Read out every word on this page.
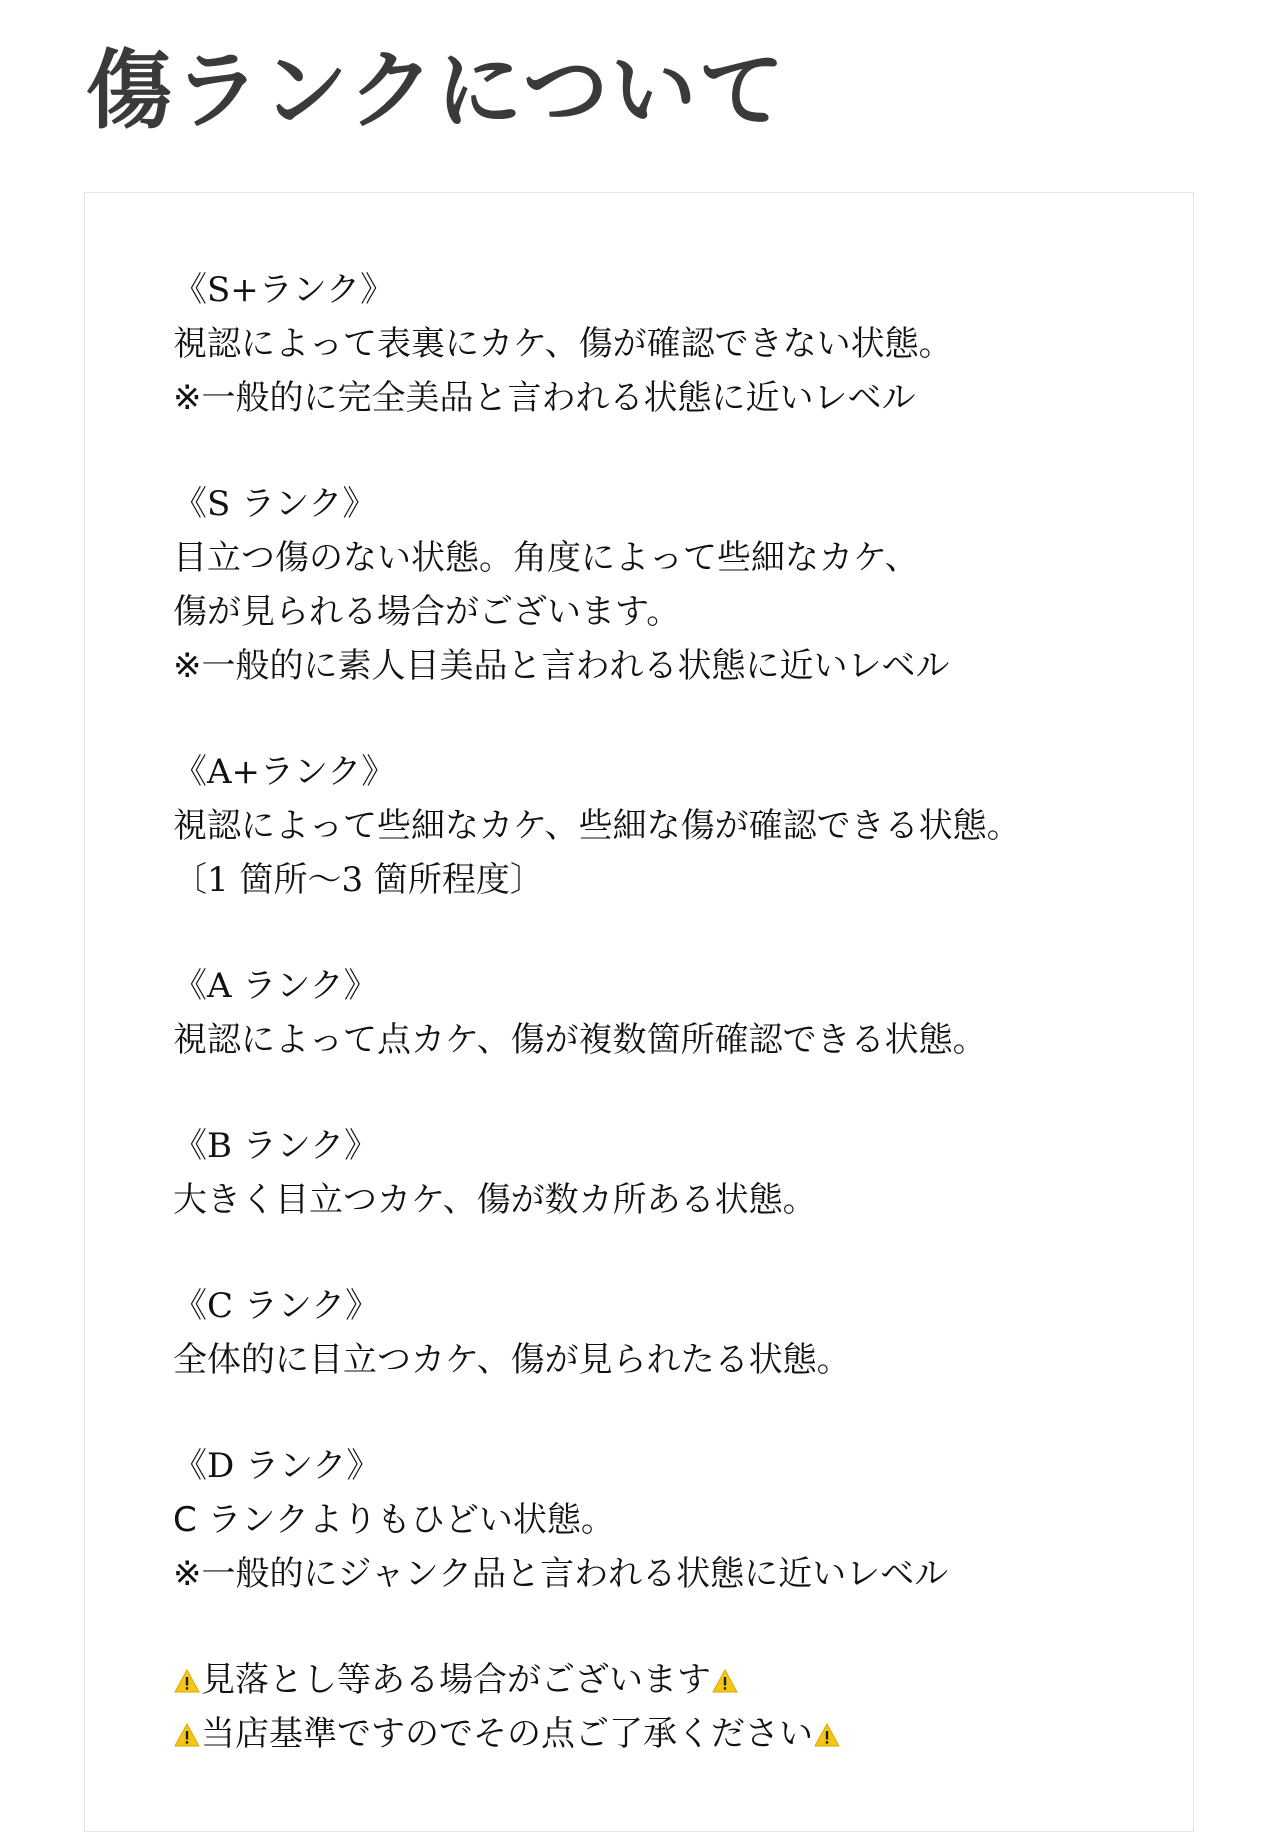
傷ランクについて

《S+ランク》

視認によって表裏にカケ、傷が確認できない状態。

※一般的に完全美品と言われる状態に近いレベル

《S ランク》

目立つ傷のない状態。角度によって些細なカケ、

傷が見られる場合がございます。

※一般的に素人目美品と言われる状態に近いレベル

《A+ランク》

視認によって些細なカケ、些細な傷が確認できる状態。

〔1 箇所～3 箇所程度〕

《A ランク》

視認によって点カケ、傷が複数箇所確認できる状態。

《B ランク》

大きく目立つカケ、傷が数カ所ある状態。

《C ランク》

全体的に目立つカケ、傷が見られたる状態。

《D ランク》

C ランクよりもひどい状態。

※一般的にジャンク品と言われる状態に近いレベル

見落とし等ある場合がございます

当店基準ですのでその点ご了承ください
